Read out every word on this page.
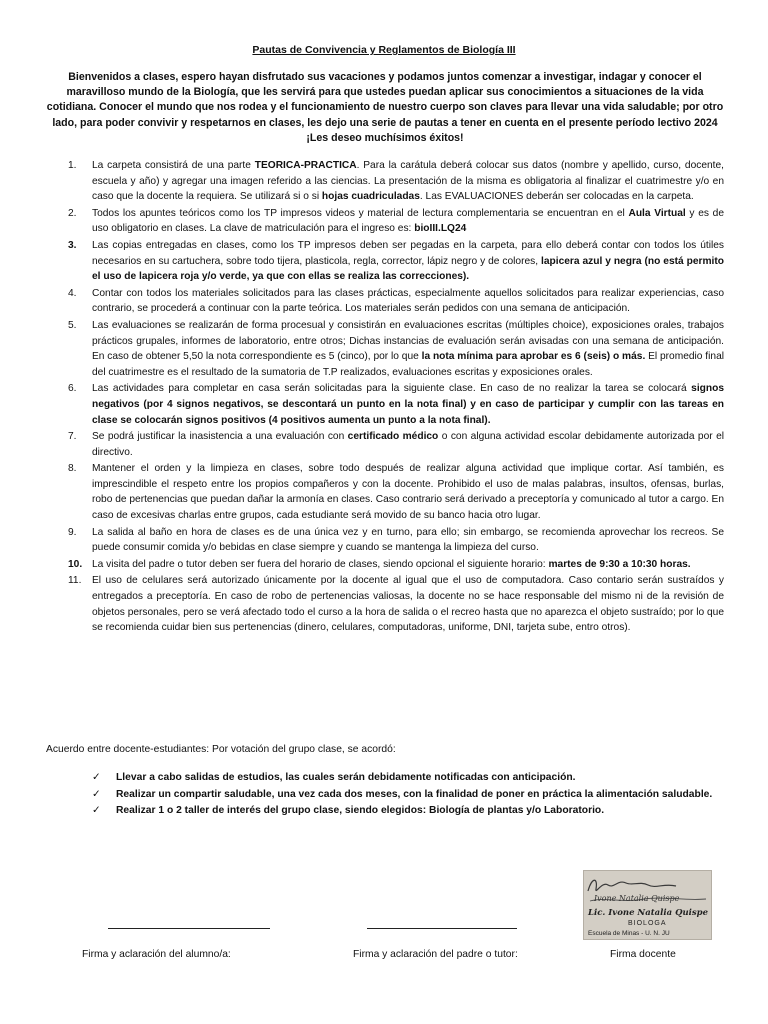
Pautas de Convivencia y Reglamentos de Biología III
Bienvenidos a clases, espero hayan disfrutado sus vacaciones y podamos juntos comenzar a investigar, indagar y conocer el maravilloso mundo de la Biología, que les servirá para que ustedes puedan aplicar sus conocimientos a situaciones de la vida cotidiana. Conocer el mundo que nos rodea y el funcionamiento de nuestro cuerpo son claves para llevar una vida saludable; por otro lado, para poder convivir y respetarnos en clases, les dejo una serie de pautas a tener en cuenta en el presente período lectivo 2024 ¡Les deseo muchísimos éxitos!
1. La carpeta consistirá de una parte TEORICA-PRACTICA. Para la carátula deberá colocar sus datos (nombre y apellido, curso, docente, escuela y año) y agregar una imagen referido a las ciencias. La presentación de la misma es obligatoria al finalizar el cuatrimestre y/o en caso que la docente la requiera. Se utilizará si o si hojas cuadriculadas. Las EVALUACIONES deberán ser colocadas en la carpeta.
2. Todos los apuntes teóricos como los TP impresos videos y material de lectura complementaria se encuentran en el Aula Virtual y es de uso obligatorio en clases. La clave de matriculación para el ingreso es: bioIII.LQ24
3. Las copias entregadas en clases, como los TP impresos deben ser pegadas en la carpeta, para ello deberá contar con todos los útiles necesarios en su cartuchera, sobre todo tijera, plasticola, regla, corrector, lápiz negro y de colores, lapicera azul y negra (no está permito el uso de lapicera roja y/o verde, ya que con ellas se realiza las correcciones).
4. Contar con todos los materiales solicitados para las clases prácticas, especialmente aquellos solicitados para realizar experiencias, caso contrario, se procederá a continuar con la parte teórica. Los materiales serán pedidos con una semana de anticipación.
5. Las evaluaciones se realizarán de forma procesual y consistirán en evaluaciones escritas (múltiples choice), exposiciones orales, trabajos prácticos grupales, informes de laboratorio, entre otros; Dichas instancias de evaluación serán avisadas con una semana de anticipación. En caso de obtener 5,50 la nota correspondiente es 5 (cinco), por lo que la nota mínima para aprobar es 6 (seis) o más. El promedio final del cuatrimestre es el resultado de la sumatoria de T.P realizados, evaluaciones escritas y exposiciones orales.
6. Las actividades para completar en casa serán solicitadas para la siguiente clase. En caso de no realizar la tarea se colocará signos negativos (por 4 signos negativos, se descontará un punto en la nota final) y en caso de participar y cumplir con las tareas en clase se colocarán signos positivos (4 positivos aumenta un punto a la nota final).
7. Se podrá justificar la inasistencia a una evaluación con certificado médico o con alguna actividad escolar debidamente autorizada por el directivo.
8. Mantener el orden y la limpieza en clases, sobre todo después de realizar alguna actividad que implique cortar. Así también, es imprescindible el respeto entre los propios compañeros y con la docente. Prohibido el uso de malas palabras, insultos, ofensas, burlas, robo de pertenencias que puedan dañar la armonía en clases. Caso contrario será derivado a preceptoría y comunicado al tutor a cargo. En caso de excesivas charlas entre grupos, cada estudiante será movido de su banco hacia otro lugar.
9. La salida al baño en hora de clases es de una única vez y en turno, para ello; sin embargo, se recomienda aprovechar los recreos. Se puede consumir comida y/o bebidas en clase siempre y cuando se mantenga la limpieza del curso.
10. La visita del padre o tutor deben ser fuera del horario de clases, siendo opcional el siguiente horario: martes de 9:30 a 10:30 horas.
11. El uso de celulares será autorizado únicamente por la docente al igual que el uso de computadora. Caso contario serán sustraídos y entregados a preceptoría. En caso de robo de pertenencias valiosas, la docente no se hace responsable del mismo ni de la revisión de objetos personales, pero se verá afectado todo el curso a la hora de salida o el recreo hasta que no aparezca el objeto sustraído; por lo que se recomienda cuidar bien sus pertenencias (dinero, celulares, computadoras, uniforme, DNI, tarjeta sube, entro otros).
Acuerdo entre docente-estudiantes: Por votación del grupo clase, se acordó:
✓ Llevar a cabo salidas de estudios, las cuales serán debidamente notificadas con anticipación.
✓ Realizar un compartir saludable, una vez cada dos meses, con la finalidad de poner en práctica la alimentación saludable.
✓ Realizar 1 o 2 taller de interés del grupo clase, siendo elegidos: Biología de plantas y/o Laboratorio.
Firma y aclaración del alumno/a:	Firma y aclaración del padre o tutor:	Firma docente
Ivone Natalia Quispe
Lic. Ivone Natalia Quispe
BIOLOGA
Escuela de Minas - U. N. JU
